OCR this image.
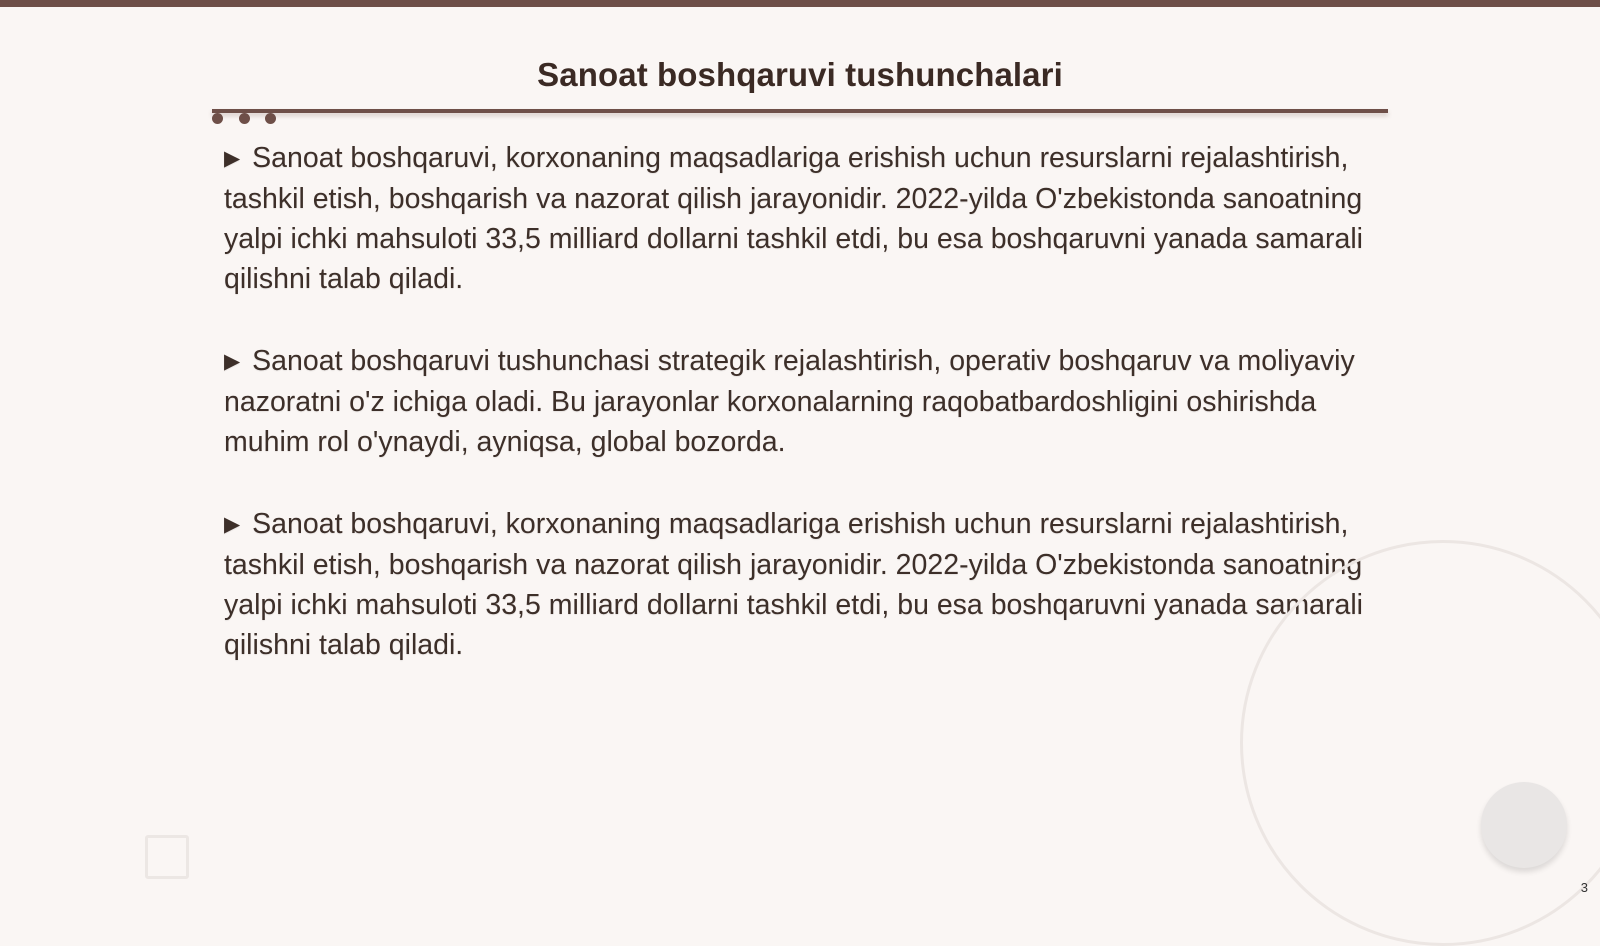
Sanoat boshqaruvi tushunchalari
▶ Sanoat boshqaruvi, korxonaning maqsadlariga erishish uchun resurslarni rejalashtirish, tashkil etish, boshqarish va nazorat qilish jarayonidir. 2022-yilda O'zbekistonda sanoatning yalpi ichki mahsuloti 33,5 milliard dollarni tashkil etdi, bu esa boshqaruvni yanada samarali qilishni talab qiladi.
▶ Sanoat boshqaruvi tushunchasi strategik rejalashtirish, operativ boshqaruv va moliyaviy nazoratni o'z ichiga oladi. Bu jarayonlar korxonalarning raqobatbardoshligini oshirishda muhim rol o'ynaydi, ayniqsa, global bozorda.
▶ Sanoat boshqaruvi, korxonaning maqsadlariga erishish uchun resurslarni rejalashtirish, tashkil etish, boshqarish va nazorat qilish jarayonidir. 2022-yilda O'zbekistonda sanoatning yalpi ichki mahsuloti 33,5 milliard dollarni tashkil etdi, bu esa boshqaruvni yanada samarali qilishni talab qiladi.
3
